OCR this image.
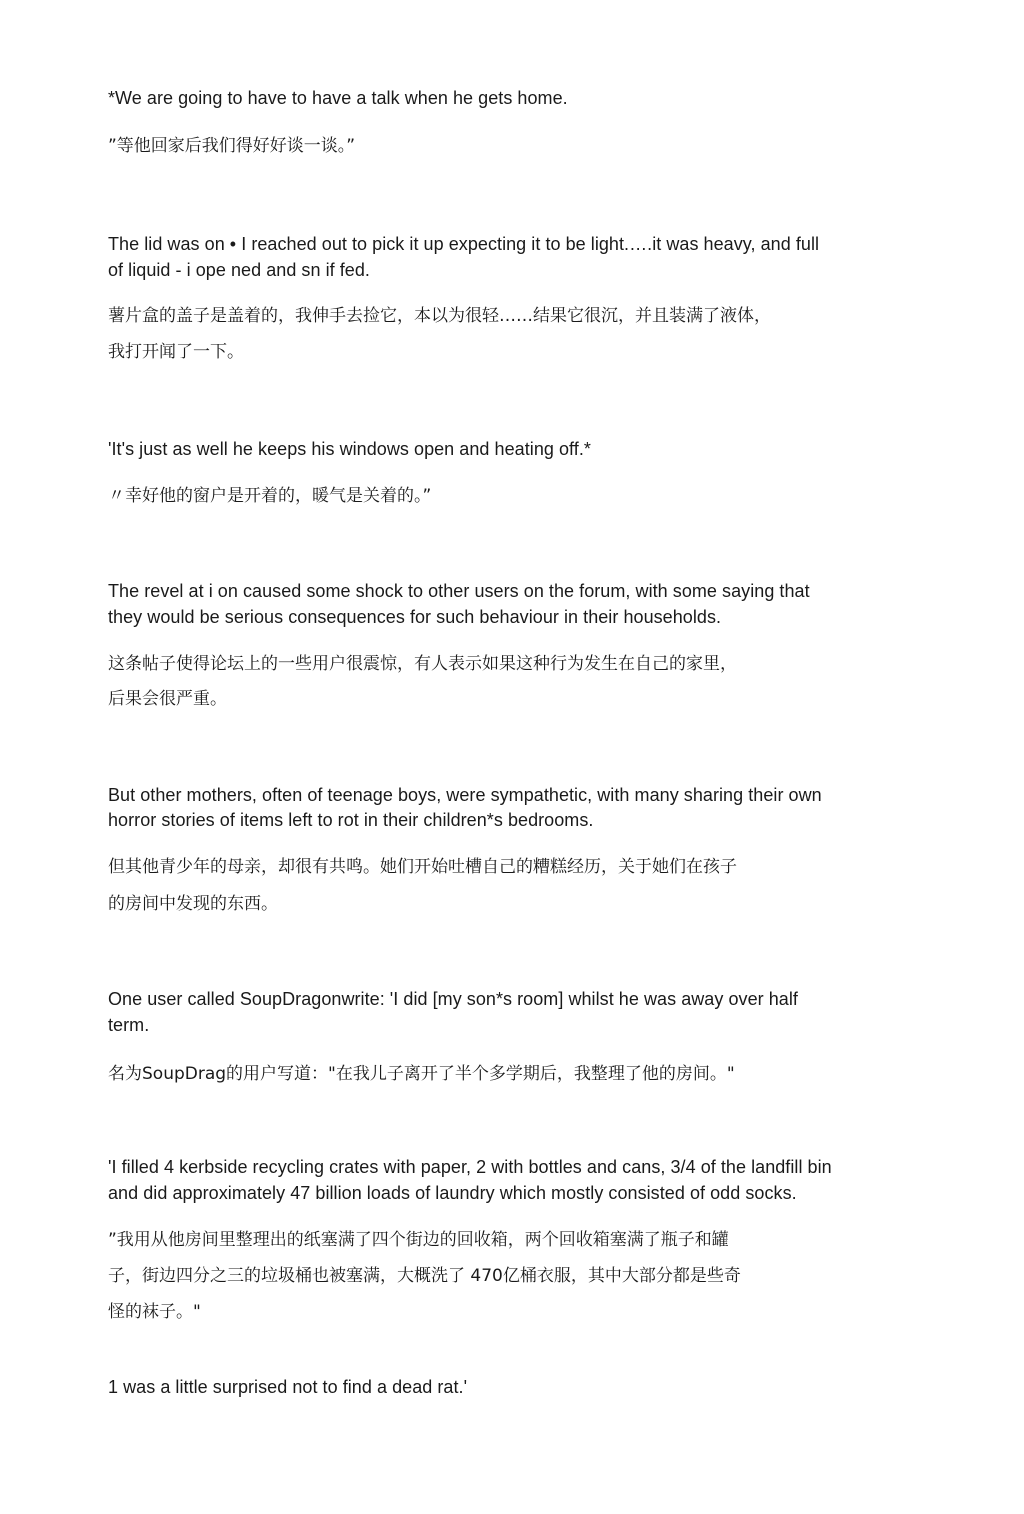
*We are going to have to have a talk when he gets home.

”等他回家后我们得好好谈一谈。”

The lid was on • I reached out to pick it up expecting it to be light.….it was heavy, and full

of liquid - i ope ned and sn if fed.

薯片盒的盖子是盖着的，我伸手去捡它，本以为很轻……结果它很沉，并且装满了液体，

我打开闻了一下。

'It's just as well he keeps his windows open and heating off.*

〃幸好他的窗户是开着的，暖气是关着的。”

The revel at i on caused some shock to other users on the forum, with some saying that

they would be serious consequences for such behaviour in their households.

这条帖子使得论坛上的一些用户很震惊，有人表示如果这种行为发生在自己的家里，

后果会很严重。

But other mothers, often of teenage boys, were sympathetic, with many sharing their own

horror stories of items left to rot in their children*s bedrooms.

但其他青少年的母亲，却很有共鸣。她们开始吐槽自己的糟糕经历，关于她们在孩子

的房间中发现的东西。

One user called SoupDragonwrite: 'I did [my son*s room] whilst he was away over half

term.

名为SoupDrag的用户写道："在我儿子离开了半个多学期后，我整理了他的房间。"

'I filled 4 kerbside recycling crates with paper, 2 with bottles and cans, 3/4 of the landfill bin

and did approximately 47 billion loads of laundry which mostly consisted of odd socks.

”我用从他房间里整理出的纸塞满了四个街边的回收箱，两个回收箱塞满了瓶子和罐

子，街边四分之三的垃圾桶也被塞满，大概洗了 470亿桶衣服，其中大部分都是些奇

怪的袜子。"

1 was a little surprised not to find a dead rat.'
